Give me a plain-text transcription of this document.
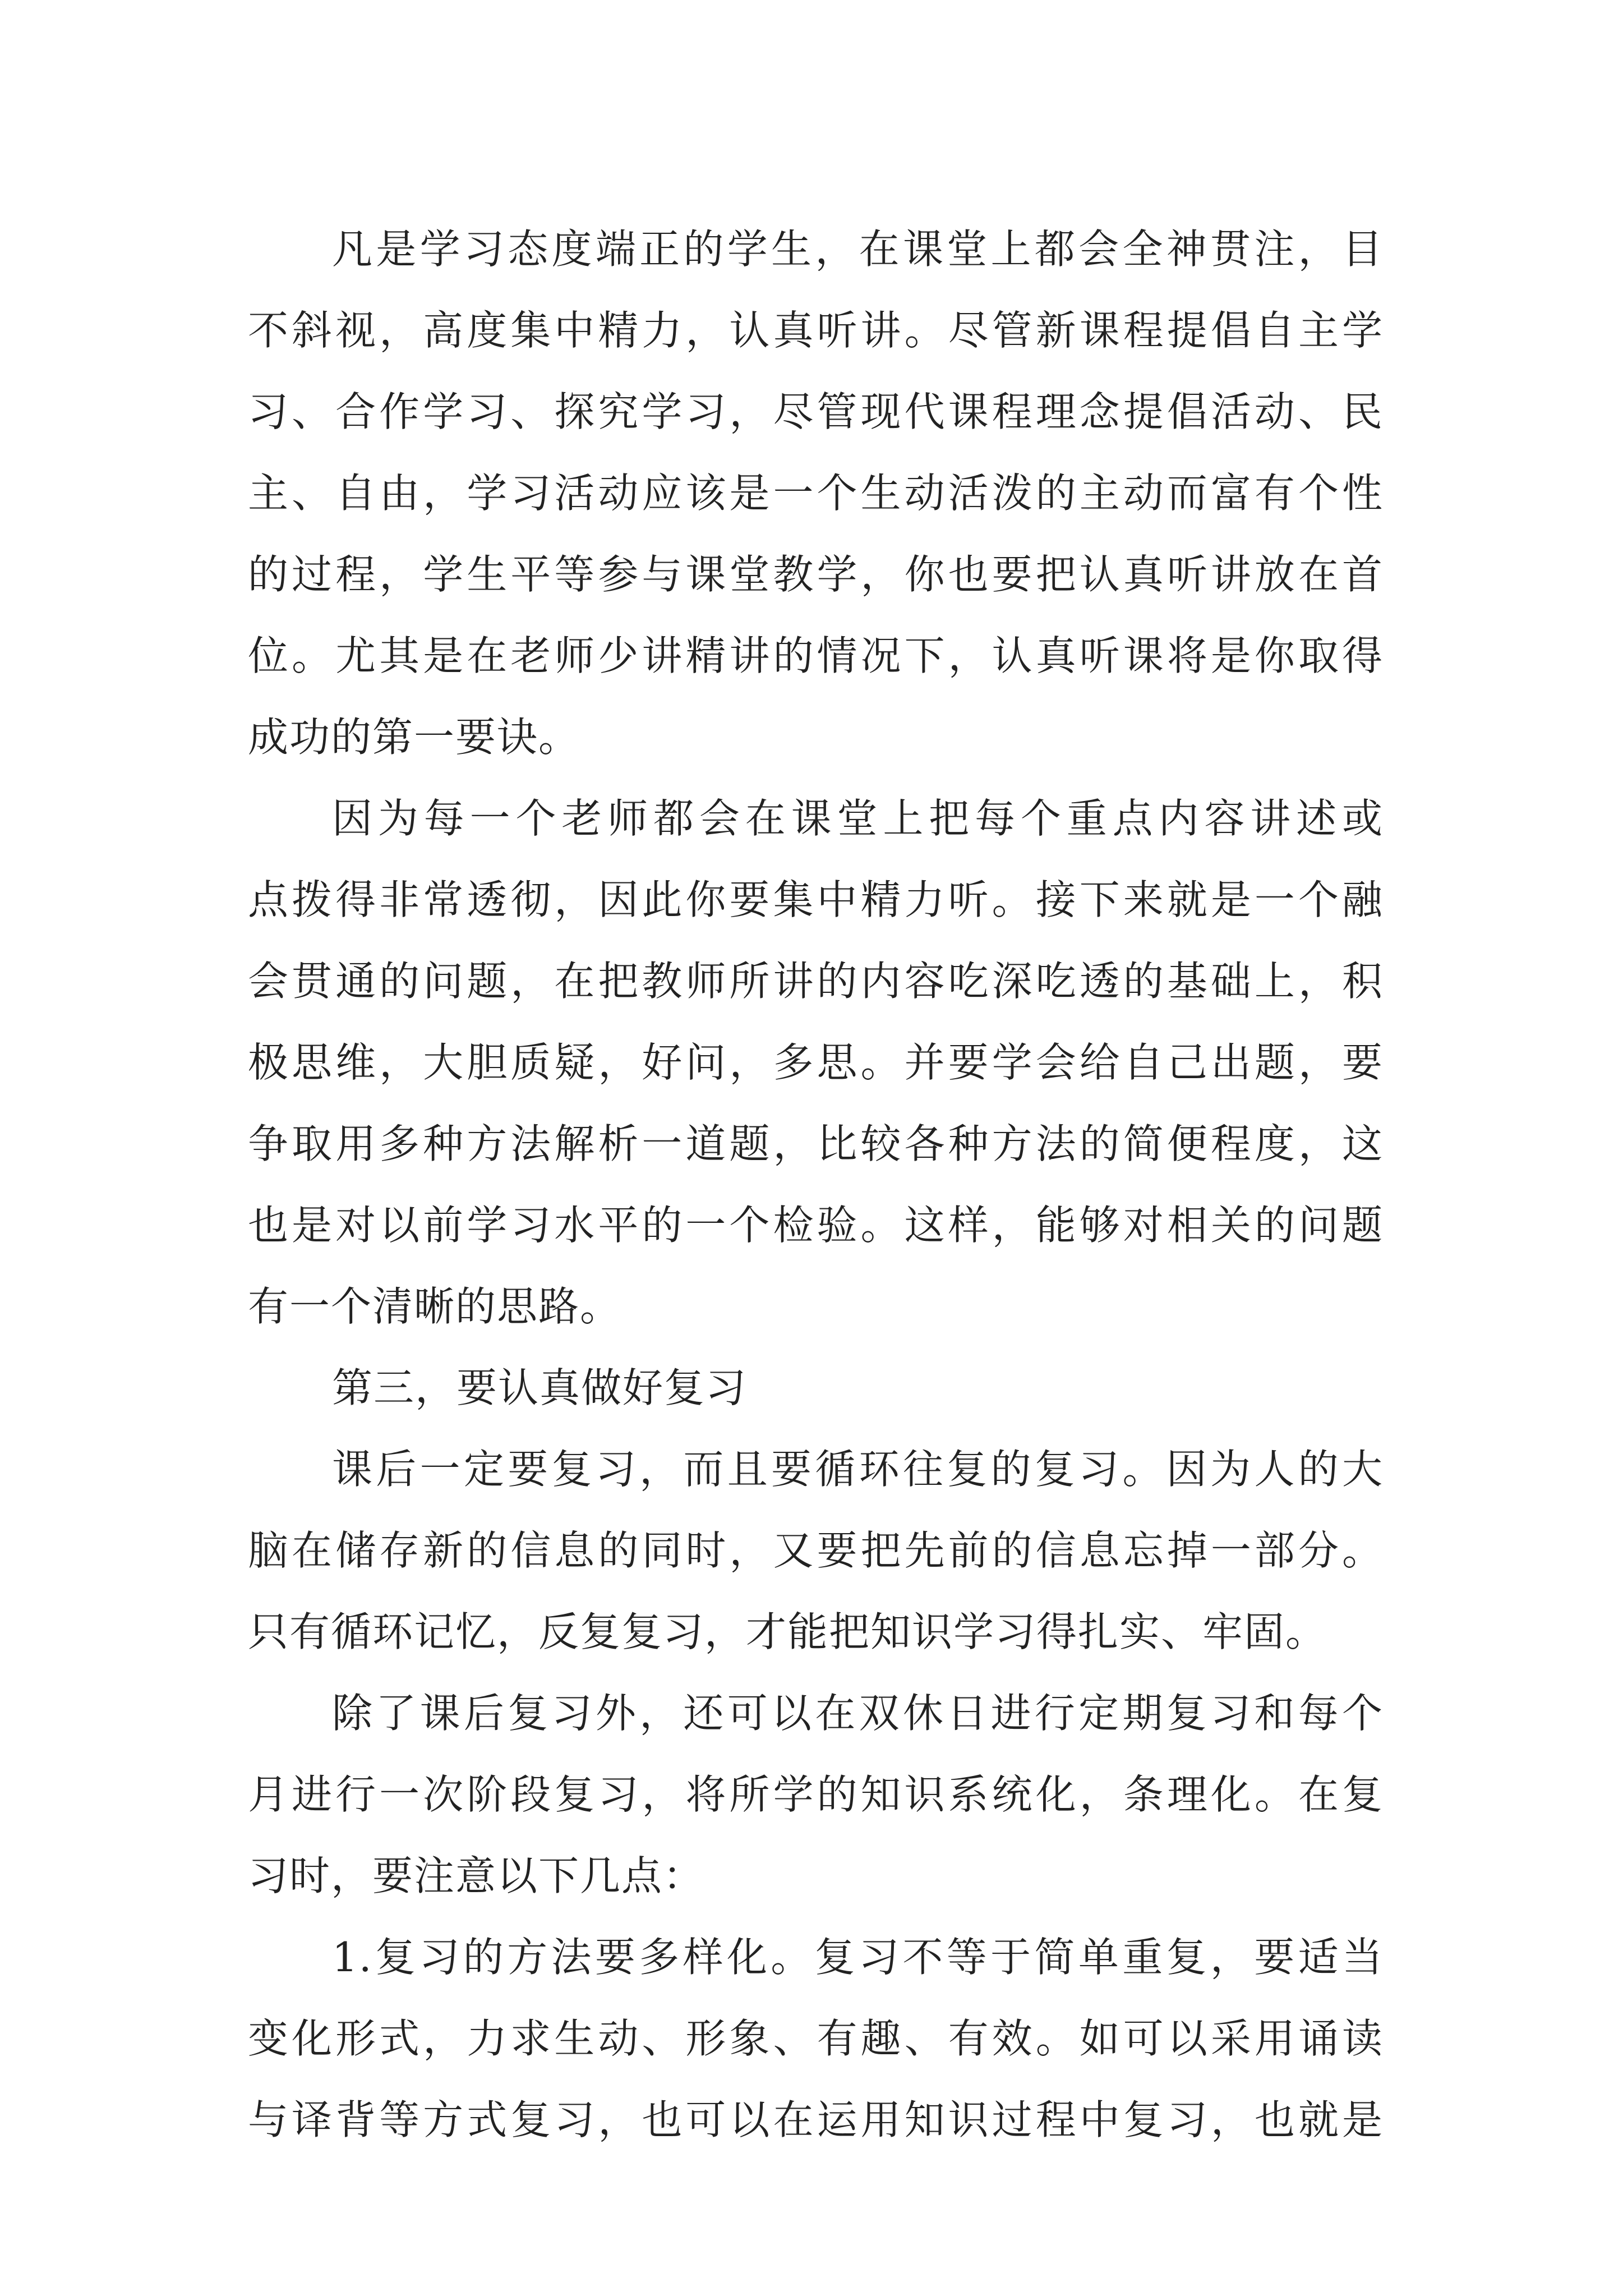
凡是学习态度端正的学生，在课堂上都会全神贯注，目
不斜视，高度集中精力，认真听讲。尽管新课程提倡自主学
习、合作学习、探究学习，尽管现代课程理念提倡活动、民
主、自由，学习活动应该是一个生动活泼的主动而富有个性
的过程，学生平等参与课堂教学，你也要把认真听讲放在首
位。尤其是在老师少讲精讲的情况下，认真听课将是你取得
成功的第一要诀。
因为每一个老师都会在课堂上把每个重点内容讲述或
点拨得非常透彻，因此你要集中精力听。接下来就是一个融
会贯通的问题，在把教师所讲的内容吃深吃透的基础上，积
极思维，大胆质疑，好问，多思。并要学会给自己出题，要
争取用多种方法解析一道题，比较各种方法的简便程度，这
也是对以前学习水平的一个检验。这样，能够对相关的问题
有一个清晰的思路。
第三，要认真做好复习
课后一定要复习，而且要循环往复的复习。因为人的大
脑在储存新的信息的同时，又要把先前的信息忘掉一部分。
只有循环记忆，反复复习，才能把知识学习得扎实、牢固。
除了课后复习外，还可以在双休日进行定期复习和每个
月进行一次阶段复习，将所学的知识系统化，条理化。在复
习时，要注意以下几点：
1.复习的方法要多样化。复习不等于简单重复，要适当
变化形式，力求生动、形象、有趣、有效。如可以采用诵读
与译背等方式复习，也可以在运用知识过程中复习，也就是
